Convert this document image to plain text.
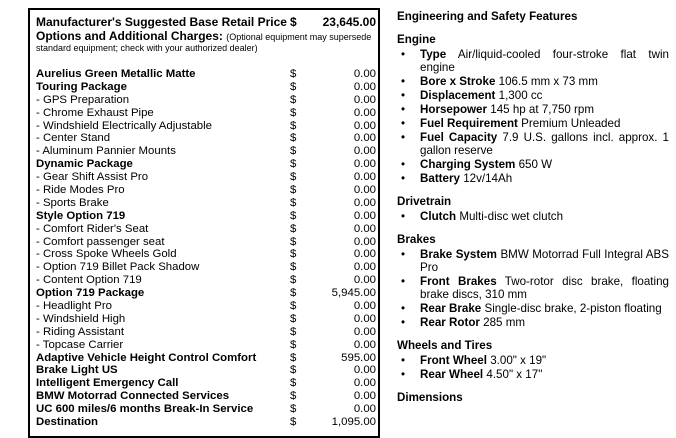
Manufacturer's Suggested Base Retail Price $ 23,645.00
Options and Additional Charges: (Optional equipment may supersede
standard equipment; check with your authorized dealer)
Aurelius Green Metallic Matte	$	0.00
Touring Package	$	0.00
- GPS Preparation	$	0.00
- Chrome Exhaust Pipe	$	0.00
- Windshield Electrically Adjustable	$	0.00
- Center Stand	$	0.00
- Aluminum Pannier Mounts	$	0.00
Dynamic Package	$	0.00
- Gear Shift Assist Pro	$	0.00
- Ride Modes Pro	$	0.00
- Sports Brake	$	0.00
Style Option 719	$	0.00
- Comfort Rider's Seat	$	0.00
- Comfort passenger seat	$	0.00
- Cross Spoke Wheels Gold	$	0.00
- Option 719 Billet Pack Shadow	$	0.00
- Content Option 719	$	0.00
Option 719 Package	$	5,945.00
- Headlight Pro	$	0.00
- Windshield High	$	0.00
- Riding Assistant	$	0.00
- Topcase Carrier	$	0.00
Adaptive Vehicle Height Control Comfort	$	595.00
Brake Light US	$	0.00
Intelligent Emergency Call	$	0.00
BMW Motorrad Connected Services	$	0.00
UC 600 miles/6 months Break-In Service	$	0.00
Destination	$	1,095.00
Engineering and Safety Features
Engine
• Type Air/liquid-cooled four-stroke flat twin engine
• Bore x Stroke 106.5 mm x 73 mm
• Displacement 1,300 cc
• Horsepower 145 hp at 7,750 rpm
• Fuel Requirement Premium Unleaded
• Fuel Capacity 7.9 U.S. gallons incl. approx. 1 gallon reserve
• Charging System 650 W
• Battery 12v/14Ah
Drivetrain
• Clutch Multi-disc wet clutch
Brakes
• Brake System BMW Motorrad Full Integral ABS Pro
• Front Brakes Two-rotor disc brake, floating brake discs, 310 mm
• Rear Brake Single-disc brake, 2-piston floating
• Rear Rotor 285 mm
Wheels and Tires
• Front Wheel 3.00" x 19"
• Rear Wheel 4.50" x 17"
Dimensions
